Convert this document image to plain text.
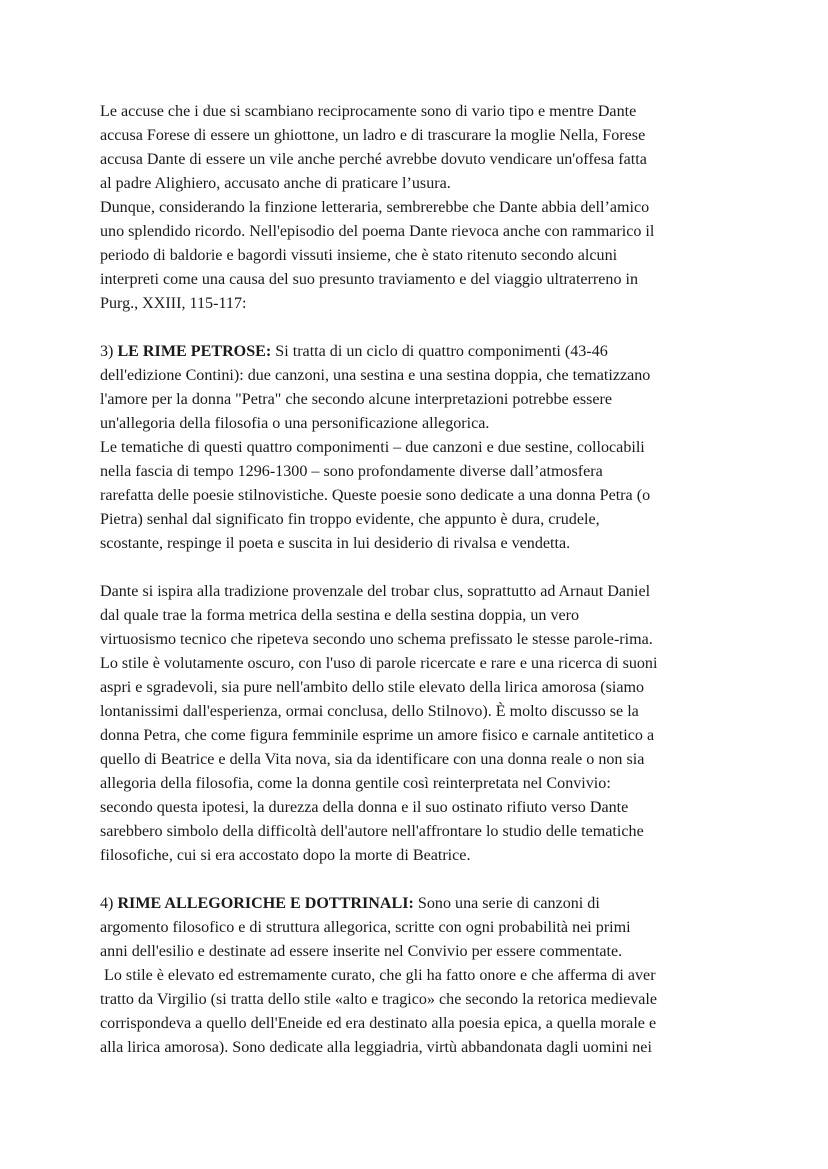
Le accuse che i due si scambiano reciprocamente sono di vario tipo e mentre Dante
accusa Forese di essere un ghiottone, un ladro e di trascurare la moglie Nella, Forese
accusa Dante di essere un vile anche perché avrebbe dovuto vendicare un'offesa fatta
al padre Alighiero, accusato anche di praticare l’usura.
Dunque, considerando la finzione letteraria, sembrerebbe che Dante abbia dell’amico
uno splendido ricordo. Nell'episodio del poema Dante rievoca anche con rammarico il
periodo di baldorie e bagordi vissuti insieme, che è stato ritenuto secondo alcuni
interpreti come una causa del suo presunto traviamento e del viaggio ultraterreno in
Purg., XXIII, 115-117:
3) LE RIME PETROSE: Si tratta di un ciclo di quattro componimenti (43-46
dell'edizione Contini): due canzoni, una sestina e una sestina doppia, che tematizzano
l'amore per la donna "Petra" che secondo alcune interpretazioni potrebbe essere
un'allegoria della filosofia o una personificazione allegorica.
Le tematiche di questi quattro componimenti – due canzoni e due sestine, collocabili
nella fascia di tempo 1296-1300 – sono profondamente diverse dall’atmosfera
rarefatta delle poesie stilnovistiche. Queste poesie sono dedicate a una donna Petra (o
Pietra) senhal dal significato fin troppo evidente, che appunto è dura, crudele,
scostante, respinge il poeta e suscita in lui desiderio di rivalsa e vendetta.
Dante si ispira alla tradizione provenzale del trobar clus, soprattutto ad Arnaut Daniel
dal quale trae la forma metrica della sestina e della sestina doppia, un vero
virtuosismo tecnico che ripeteva secondo uno schema prefissato le stesse parole-rima.
Lo stile è volutamente oscuro, con l'uso di parole ricercate e rare e una ricerca di suoni
aspri e sgradevoli, sia pure nell'ambito dello stile elevato della lirica amorosa (siamo
lontanissimi dall'esperienza, ormai conclusa, dello Stilnovo). È molto discusso se la
donna Petra, che come figura femminile esprime un amore fisico e carnale antitetico a
quello di Beatrice e della Vita nova, sia da identificare con una donna reale o non sia
allegoria della filosofia, come la donna gentile così reinterpretata nel Convivio:
secondo questa ipotesi, la durezza della donna e il suo ostinato rifiuto verso Dante
sarebbero simbolo della difficoltà dell'autore nell'affrontare lo studio delle tematiche
filosofiche, cui si era accostato dopo la morte di Beatrice.
4) RIME ALLEGORICHE E DOTTRINALI: Sono una serie di canzoni di
argomento filosofico e di struttura allegorica, scritte con ogni probabilità nei primi
anni dell'esilio e destinate ad essere inserite nel Convivio per essere commentate.
Lo stile è elevato ed estremamente curato, che gli ha fatto onore e che afferma di aver
tratto da Virgilio (si tratta dello stile «alto e tragico» che secondo la retorica medievale
corrispondeva a quello dell'Eneide ed era destinato alla poesia epica, a quella morale e
alla lirica amorosa). Sono dedicate alla leggiadria, virtù abbandonata dagli uomini nei
